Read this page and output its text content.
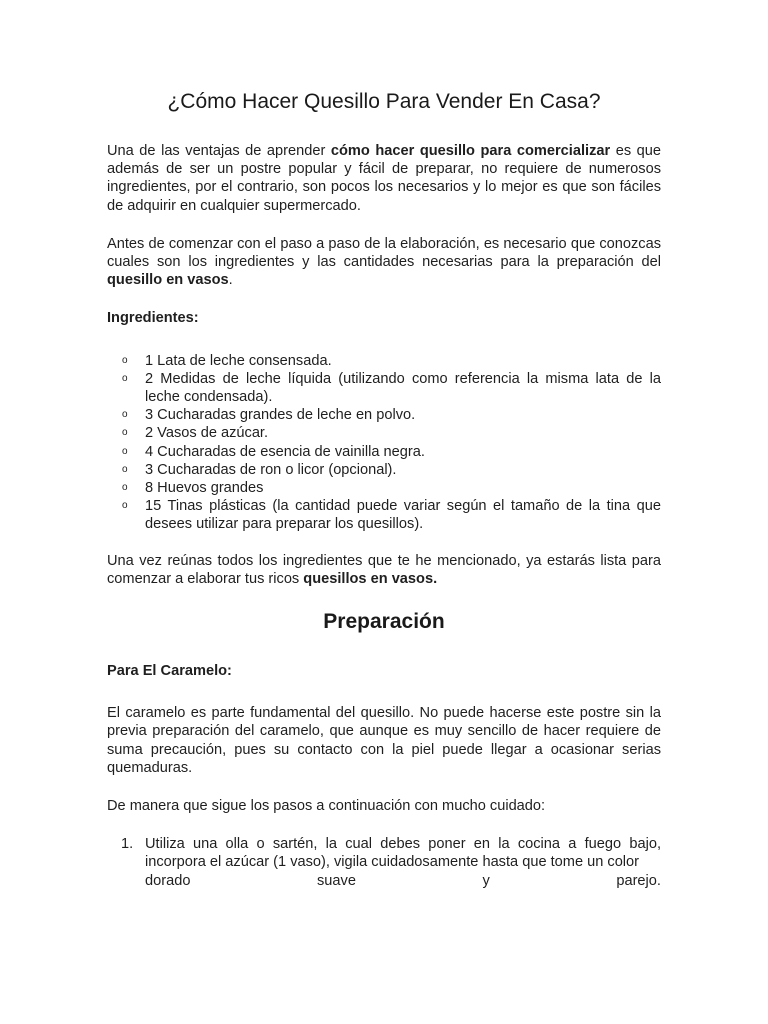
¿Cómo Hacer Quesillo Para Vender En Casa?

Una de las ventajas de aprender cómo hacer quesillo para comercializar es que además de ser un postre popular y fácil de preparar, no requiere de numerosos ingredientes, por el contrario, son pocos los necesarios y lo mejor es que son fáciles de adquirir en cualquier supermercado.

Antes de comenzar con el paso a paso de la elaboración, es necesario que conozcas cuales son los ingredientes y las cantidades necesarias para la preparación del quesillo en vasos.

Ingredientes:

o 1 Lata de leche consensada.
o 2 Medidas de leche líquida (utilizando como referencia la misma lata de la leche condensada).
o 3 Cucharadas grandes de leche en polvo.
o 2 Vasos de azúcar.
o 4 Cucharadas de esencia de vainilla negra.
o 3 Cucharadas de ron o licor (opcional).
o 8 Huevos grandes
o 15 Tinas plásticas (la cantidad puede variar según el tamaño de la tina que desees utilizar para preparar los quesillos).

Una vez reúnas todos los ingredientes que te he mencionado, ya estarás lista para comenzar a elaborar tus ricos quesillos en vasos.

Preparación

Para El Caramelo:

El caramelo es parte fundamental del quesillo. No puede hacerse este postre sin la previa preparación del caramelo, que aunque es muy sencillo de hacer requiere de suma precaución, pues su contacto con la piel puede llegar a ocasionar serias quemaduras.

De manera que sigue los pasos a continuación con mucho cuidado:

1. Utiliza una olla o sartén, la cual debes poner en la cocina a fuego bajo, incorpora el azúcar (1 vaso), vigila cuidadosamente hasta que tome un color
dorado	suave	y	parejo.
